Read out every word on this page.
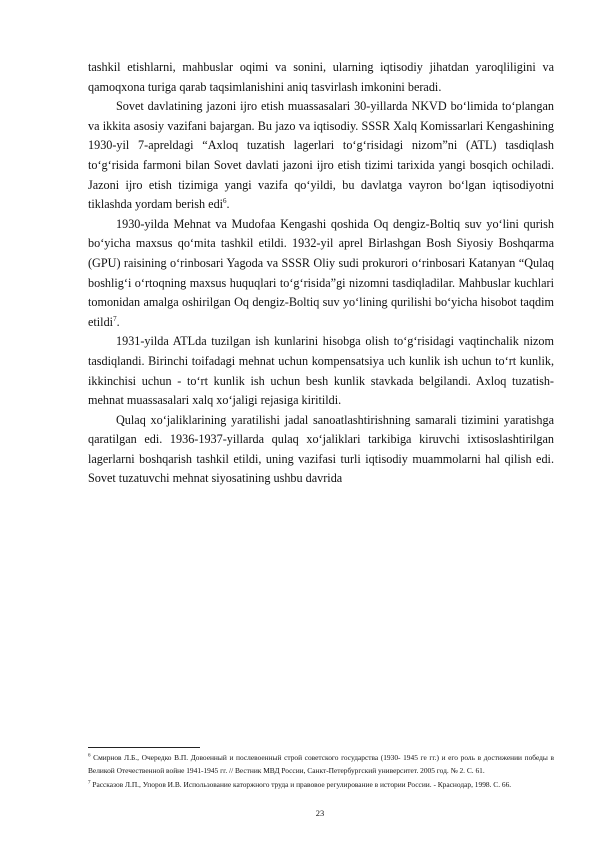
tashkil etishlarni, mahbuslar oqimi va sonini, ularning iqtisodiy jihatdan yaroqliligini va qamoqxona turiga qarab taqsimlanishini aniq tasvirlash imkonini beradi.

Sovet davlatining jazoni ijro etish muassasalari 30-yillarda NKVD bo‘limida to‘plangan va ikkita asosiy vazifani bajargan. Bu jazo va iqtisodiy. SSSR Xalq Komissarlari Kengashining 1930-yil 7-apreldagi “Axloq tuzatish lagerlari to‘g‘risidagi nizom”ni (ATL) tasdiqlash to‘g‘risida farmoni bilan Sovet davlati jazoni ijro etish tizimi tarixida yangi bosqich ochiladi. Jazoni ijro etish tizimiga yangi vazifa qo‘yildi, bu davlatga vayron bo‘lgan iqtisodiyotni tiklashda yordam berish edi$^6$.

1930-yilda Mehnat va Mudofaa Kengashi qoshida Oq dengiz-Boltiq suv yo‘lini qurish bo‘yicha maxsus qo‘mita tashkil etildi. 1932-yil aprel Birlashgan Bosh Siyosiy Boshqarma (GPU) raisining o‘rinbosari Yagoda va SSSR Oliy sudi prokurori o‘rinbosari Katanyan “Qulaq boshlig‘i o‘rtoqning maxsus huquqlari to‘g‘risida”gi nizomni tasdiqladilar. Mahbuslar kuchlari tomonidan amalga oshirilgan Oq dengiz-Boltiq suv yo‘lining qurilishi bo‘yicha hisobot taqdim etildi$^7$.

1931-yilda ATLda tuzilgan ish kunlarini hisobga olish to‘g‘risidagi vaqtinchalik nizom tasdiqlandi. Birinchi toifadagi mehnat uchun kompensatsiya uch kunlik ish uchun to‘rt kunlik, ikkinchisi uchun - to‘rt kunlik ish uchun besh kunlik stavkada belgilandi. Axloq tuzatish-mehnat muassasalari xalq xo‘jaligi rejasiga kiritildi.

Qulaq xo‘jaliklarining yaratilishi jadal sanoatlashtirishning samarali tizimini yaratishga qaratilgan edi. 1936-1937-yillarda qulaq xo‘jaliklari tarkibiga kiruvchi ixtisoslashtirilgan lagerlarni boshqarish tashkil etildi, uning vazifasi turli iqtisodiy muammolarni hal qilish edi. Sovet tuzatuvchi mehnat siyosatining ushbu davrida

$^6$ Смирнов Л.Б., Очередко В.П. Довоенный и послевоенный строй советского государства (1930- 1945 ге гг.) и его роль в достижении победы в Великой Отечественной войне 1941-1945 гг. // Вестник МВД России, Санкт-Петербургский университет. 2005 год. № 2. С. 61.

$^7$ Рассказов Л.П., Упоров И.В. Использование каторжного труда и правовое регулирование в истории России. - Краснодар, 1998. С. 66.

23
